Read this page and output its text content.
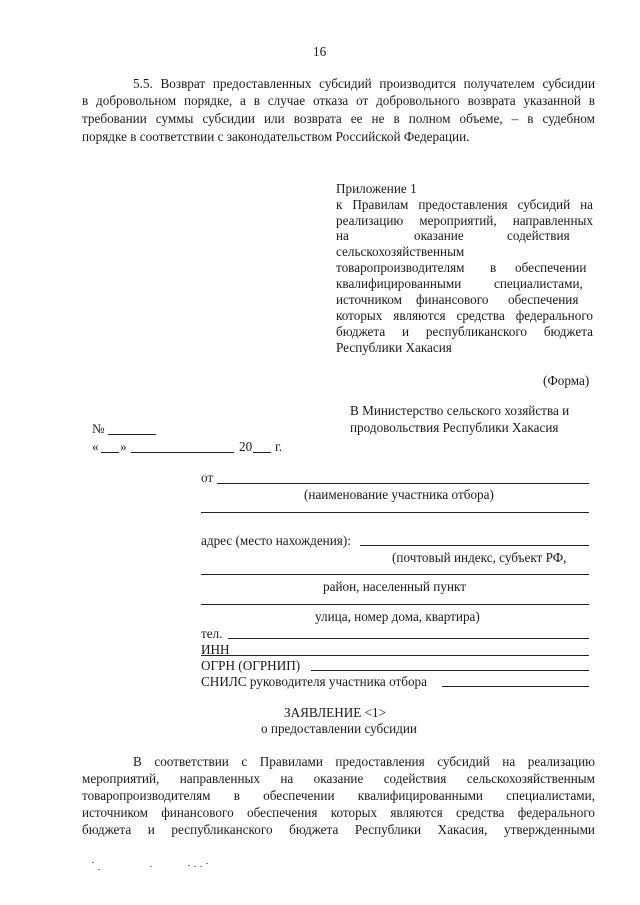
16
5.5. Возврат предоставленных субсидий производится получателем субсидии
в добровольном порядке, а в случае отказа от добровольного возврата указанной в
требовании суммы субсидии или возврата ее не в полном объеме, – в судебном
порядке в соответствии с законодательством Российской Федерации.
Приложение 1
к Правилам предоставления субсидий на
реализацию мероприятий, направленных
на	оказание	содействия
сельскохозяйственным
товаропроизводителям в обеспечении
квалифицированными специалистами,
источником финансового обеспечения
которых являются средства федерального
бюджета и республиканского бюджета
Республики Хакасия
(Форма)
В Министерство сельского хозяйства и
продовольствия Республики Хакасия
№
« »	20 г.
от
(наименование участника отбора)
адрес (место нахождения):
(почтовый индекс, субъект РФ,
район, населенный пункт
улица, номер дома, квартира)
тел.
ИНН
ОГРН (ОГРНИП)
СНИЛС руководителя участника отбора
ЗАЯВЛЕНИЕ <1>
о предоставлении субсидии
В соответствии с Правилами предоставления субсидий на реализацию
мероприятий, направленных на оказание содействия сельскохозяйственным
товаропроизводителям в обеспечении квалифицированными специалистами,
источником финансового обеспечения которых являются средства федерального
бюджета и республиканского бюджета Республики Хакасия, утвержденными
